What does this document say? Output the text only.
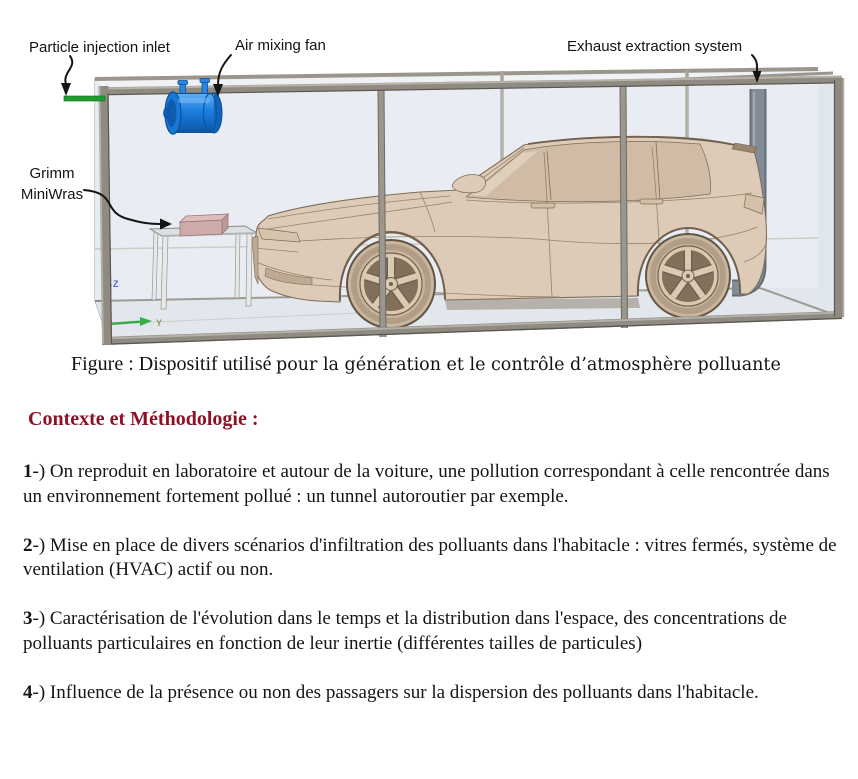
Z
Y
Particle injection inlet	Air mixing fan	Exhaust extraction system
Grimm
MiniWras
Figure : Dispositif utilisé pour la génération et le contrôle d’atmosphère polluante
Contexte et Méthodologie :

1-) On reproduit en laboratoire et autour de la voiture, une pollution correspondant à celle rencontrée dans un environnement fortement pollué : un tunnel autoroutier par exemple.

2-) Mise en place de divers scénarios d'infiltration des polluants dans l'habitacle : vitres fermés, système de ventilation (HVAC) actif ou non.

3-) Caractérisation de l'évolution dans le temps et la distribution dans l'espace, des concentrations de polluants particulaires en fonction de leur inertie (différentes tailles de particules)

4-) Influence de la présence ou non des passagers sur la dispersion des polluants dans l'habitacle.
